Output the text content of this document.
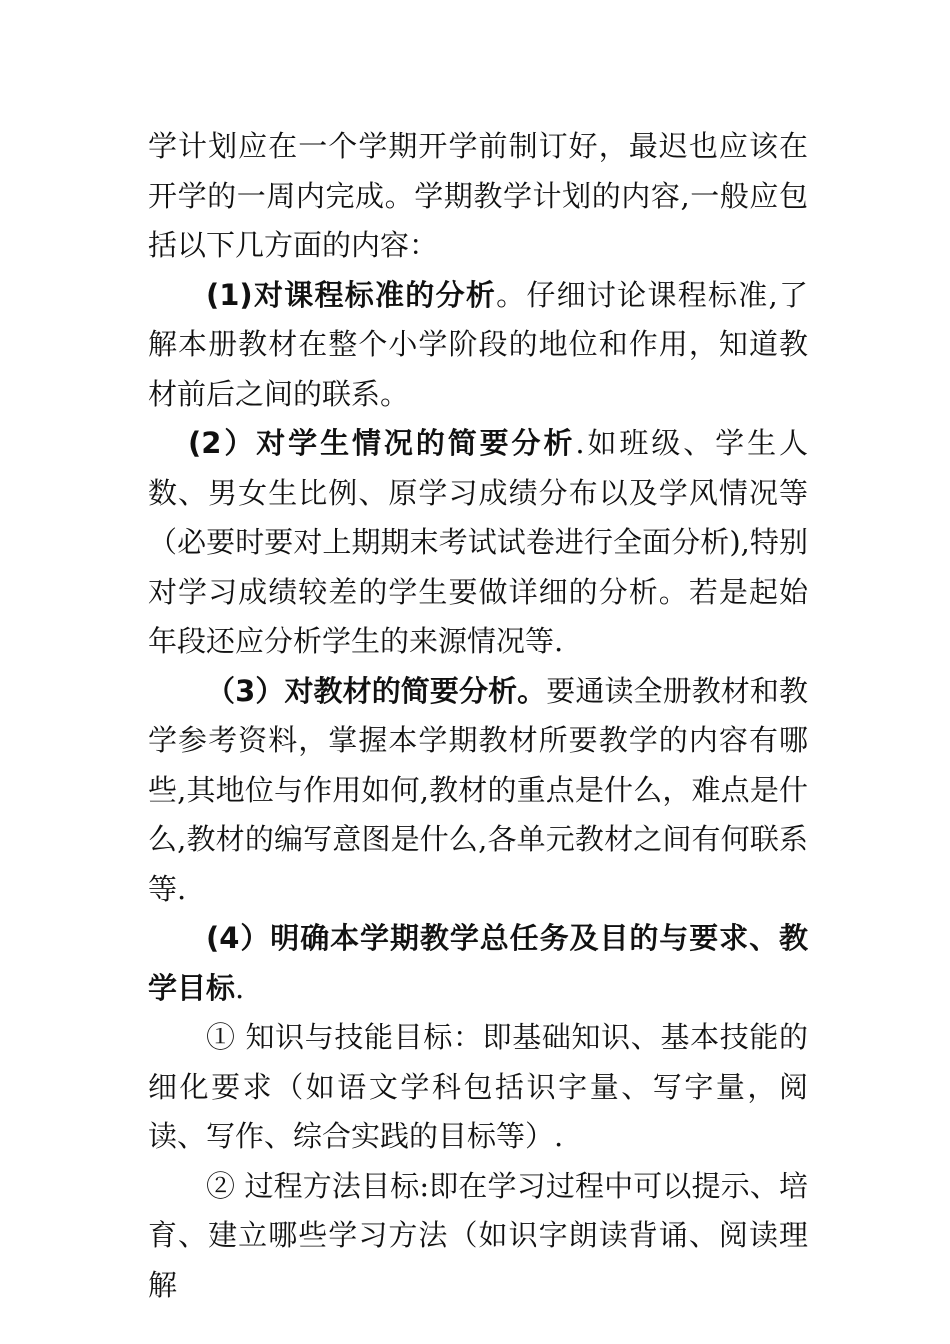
学计划应在一个学期开学前制订好，最迟也应该在开学的一周内完成。学期教学计划的内容,一般应包括以下几方面的内容：

(1)对课程标准的分析。仔细讨论课程标准,了解本册教材在整个小学阶段的地位和作用，知道教材前后之间的联系。

(2）对学生情况的简要分析.如班级、学生人数、男女生比例、原学习成绩分布以及学风情况等（必要时要对上期期末考试试卷进行全面分析),特别对学习成绩较差的学生要做详细的分析。若是起始年段还应分析学生的来源情况等.

（3）对教材的简要分析。要通读全册教材和教学参考资料，掌握本学期教材所要教学的内容有哪些,其地位与作用如何,教材的重点是什么，难点是什么,教材的编写意图是什么,各单元教材之间有何联系等.

(4）明确本学期教学总任务及目的与要求、教学目标.

① 知识与技能目标：即基础知识、基本技能的细化要求（如语文学科包括识字量、写字量，阅读、写作、综合实践的目标等）.

② 过程方法目标:即在学习过程中可以提示、培育、建立哪些学习方法（如识字朗读背诵、阅读理解
